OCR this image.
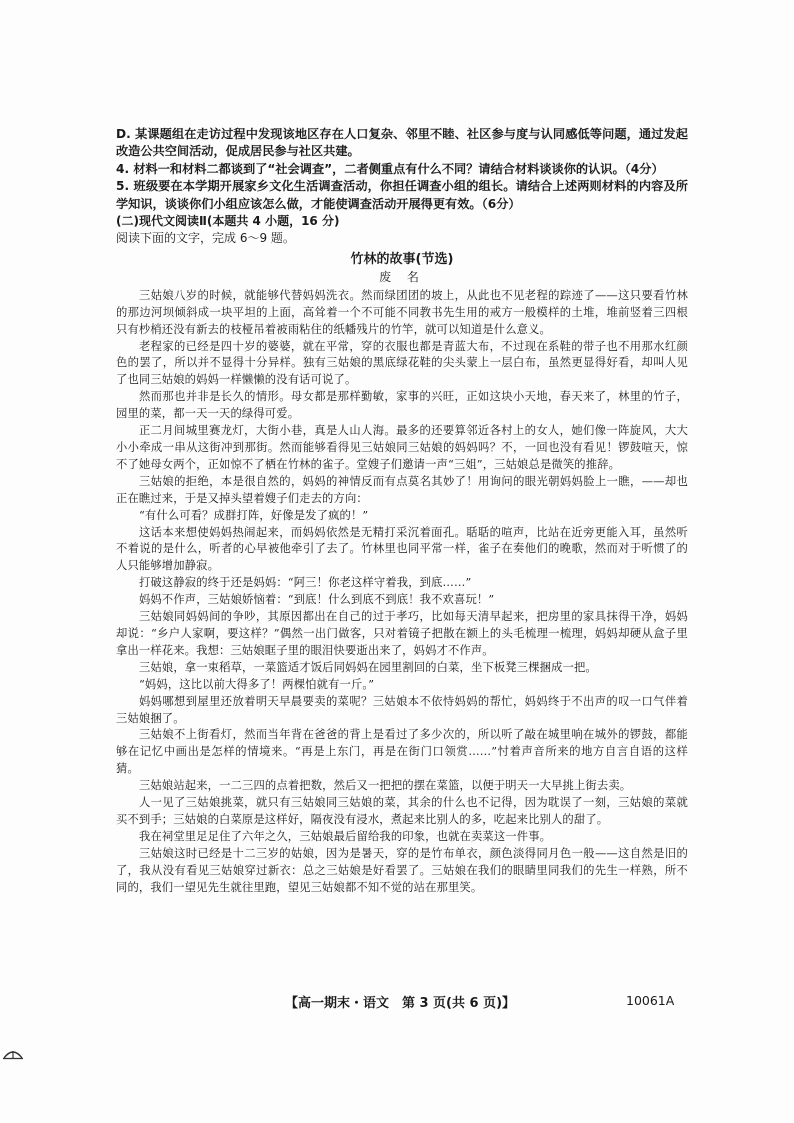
D. 某课题组在走访过程中发现该地区存在人口复杂、邻里不睦、社区参与度与认同感低等问题，通过发起改造公共空间活动，促成居民参与社区共建。

4. 材料一和材料二都谈到了“社会调查”，二者侧重点有什么不同？请结合材料谈谈你的认识。（4分）

5. 班级要在本学期开展家乡文化生活调查活动，你担任调查小组的组长。请结合上述两则材料的内容及所学知识，谈谈你们小组应该怎么做，才能使调查活动开展得更有效。（6分）

(二)现代文阅读Ⅱ(本题共 4 小题，16 分)

阅读下面的文字，完成 6～9 题。

竹林的故事(节选)
废 名

三姑娘八岁的时候，就能够代替妈妈洗衣。然而绿团团的坡上，从此也不见老程的踪迹了——这只要看竹林的那边河坝倾斜成一块平坦的上面，高耸着一个不可能不同教书先生用的戒方一般模样的土堆，堆前竖着三四根只有杪梢还没有新去的枝桠吊着被雨粘住的纸幡残片的竹竿，就可以知道是什么意义。

老程家的已经是四十岁的婆婆，就在平常，穿的衣服也都是青蓝大布，不过现在系鞋的带子也不用那水红颜色的罢了，所以并不显得十分异样。独有三姑娘的黑底绿花鞋的尖头蒙上一层白布，虽然更显得好看，却叫人见了也同三姑娘的妈妈一样懒懒的没有话可说了。

然而那也并非是长久的情形。母女都是那样勤敏，家事的兴旺，正如这块小天地，春天来了，林里的竹子，园里的菜，都一天一天的绿得可爱。

正二月间城里赛龙灯，大街小巷，真是人山人海。最多的还要算邻近各村上的女人，她们像一阵旋风，大大小小牵成一串从这街冲到那街。然而能够看得见三姑娘同三姑娘的妈妈吗？不，一回也没有看见！锣鼓喧天，惊不了她母女两个，正如惊不了栖在竹林的雀子。堂嫂子们邀请一声“三姐”，三姑娘总是微笑的推辞。

三姑娘的拒绝，本是很自然的，妈妈的神情反而有点莫名其妙了！用询问的眼光朝妈妈脸上一瞧，——却也正在瞧过来，于是又掉头望着嫂子们走去的方向：

“有什么可看？成群打阵，好像是发了疯的！”

这话本来想使妈妈热闹起来，而妈妈依然是无精打采沉着面孔。聒聒的喧声，比站在近旁更能入耳，虽然听不着说的是什么，听者的心早被他牵引了去了。竹林里也同平常一样，雀子在奏他们的晚歌，然而对于听惯了的人只能够增加静寂。

打破这静寂的终于还是妈妈：“阿三！你老这样守着我，到底……”

妈妈不作声，三姑娘娇恼着：“到底！什么到底不到底！我不欢喜玩！”

三姑娘同妈妈间的争吵，其原因都出在自己的过于孝巧，比如每天清早起来，把房里的家具抹得干净，妈妈却说：“乡户人家啊，要这样？”偶然一出门做客，只对着镜子把散在额上的头毛梳理一梳理，妈妈却硬从盒子里拿出一样花来。我想：三姑娘眶子里的眼泪快要逝出来了，妈妈才不作声。

三姑娘，拿一束稻草，一菜篮适才饭后同妈妈在园里割回的白菜，坐下板凳三棵捆成一把。

“妈妈，这比以前大得多了！两棵怕就有一斤。”

妈妈哪想到屋里还放着明天早晨要卖的菜呢？三姑娘本不依恃妈妈的帮忙，妈妈终于不出声的叹一口气伴着三姑娘捆了。

三姑娘不上街看灯，然而当年背在爸爸的背上是看过了多少次的，所以听了敲在城里响在城外的锣鼓，都能够在记忆中画出是怎样的情境来。“再是上东门，再是在街门口领赏……”忖着声音所来的地方自言自语的这样猜。

三姑娘站起来，一二三四的点着把数，然后又一把把的摆在菜篮，以便于明天一大早挑上街去卖。

人一见了三姑娘挑菜，就只有三姑娘同三姑娘的菜，其余的什么也不记得，因为耽误了一刻，三姑娘的菜就买不到手；三姑娘的白菜原是这样好，隔夜没有浸水，煮起来比别人的多，吃起来比别人的甜了。

我在祠堂里足足住了六年之久，三姑娘最后留给我的印象，也就在卖菜这一件事。

三姑娘这时已经是十二三岁的姑娘，因为是暑天，穿的是竹布单衣，颜色淡得同月色一般——这自然是旧的了，我从没有看见三姑娘穿过新衣：总之三姑娘是好看罢了。三姑娘在我们的眼睛里同我们的先生一样熟，所不同的，我们一望见先生就往里跑，望见三姑娘都不知不觉的站在那里笑。

【高一期末・语文　第 3 页(共 6 页)】	10061A
